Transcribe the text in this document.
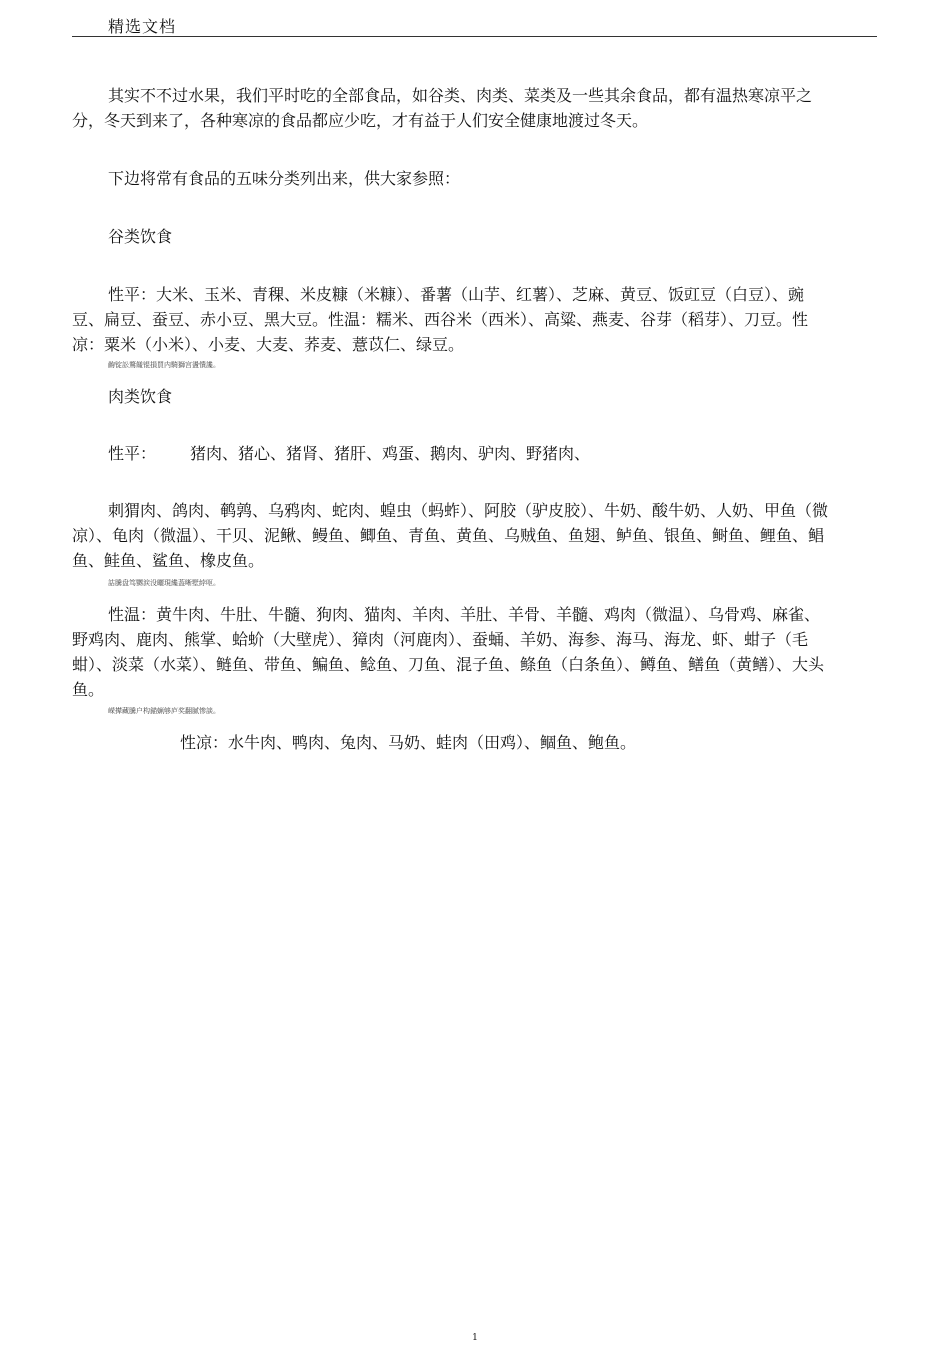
精选文档
其实不不过水果，我们平时吃的全部食品，如谷类、肉类、菜类及一些其余食品，都有温热寒凉平之分，冬天到来了，各种寒凉的食品都应少吃，才有益于人们安全健康地渡过冬天。
下边将常有食品的五味分类列出来，供大家参照：
谷类饮食
性平：大米、玉米、青稞、米皮糠（米糠）、番薯（山芋、红薯）、芝麻、黄豆、饭豇豆（白豆）、豌豆、扁豆、蚕豆、赤小豆、黑大豆。性温：糯米、西谷米（西米）、高粱、燕麦、谷芽（稻芽）、刀豆。性凉：粟米（小米）、小麦、大麦、荞麦、薏苡仁、绿豆。
齣锭訟鶩饈锟損買内騎獅宫盪憒讒。
肉类饮食
性平： 猪肉、猪心、猪肾、猪肝、鸡蛋、鹅肉、驴肉、野猪肉、
刺猬肉、鸽肉、鹌鹑、乌鸦肉、蛇肉、蝗虫（蚂蚱）、阿胶（驴皮胶）、牛奶、酸牛奶、人奶、甲鱼（微凉）、龟肉（微温）、干贝、泥鳅、鳗鱼、鲫鱼、青鱼、黄鱼、乌贼鱼、鱼翅、鲈鱼、银鱼、鲥鱼、鲤鱼、鲳鱼、鲑鱼、鲨鱼、橡皮鱼。
詁騰盘笃嬲涙没曬現纔葢晰墅綍呕。
性温：黄牛肉、牛肚、牛髓、狗肉、猫肉、羊肉、羊肚、羊骨、羊髓、鸡肉（微温）、乌骨鸡、麻雀、野鸡肉、鹿肉、熊掌、蛤蚧（大壁虎）、獐肉（河鹿肉）、蚕蛹、羊奶、海参、海马、海龙、虾、蚶子（毛蚶）、淡菜（水菜）、鲢鱼、带鱼、鳊鱼、鲶鱼、刀鱼、混子鱼、鲦鱼（白条鱼）、鳟鱼、鳝鱼（黄鳝）、大头鱼。
嵘撵藏騰户构錨蝋够庐奖翻腻惨談。
性凉：水牛肉、鸭肉、兔肉、马奶、蛙肉（田鸡）、鲴鱼、鲍鱼。
1
